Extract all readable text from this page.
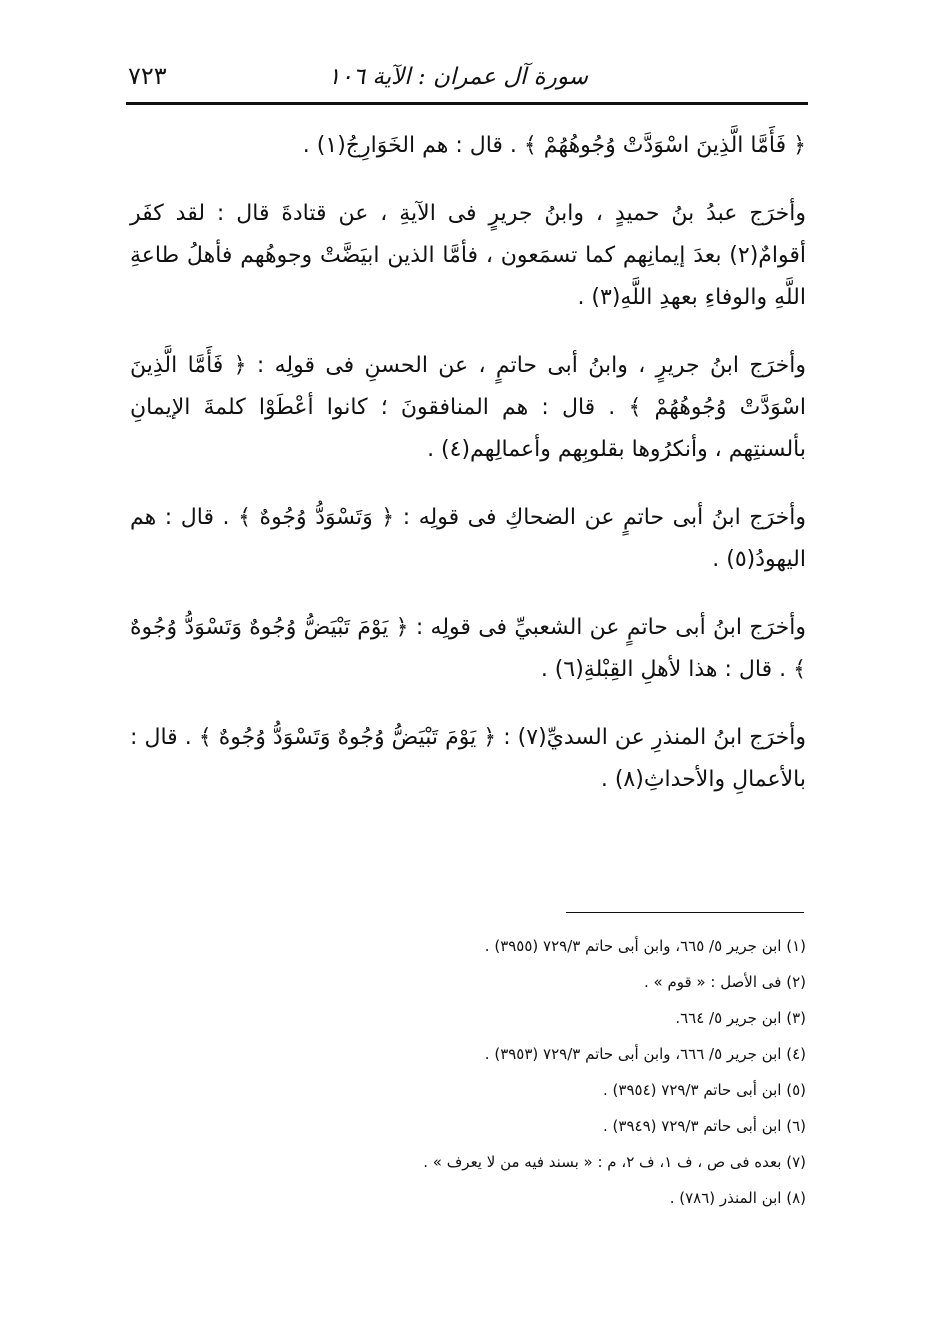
سورة آل عمران : الآية ١٠٦
٧٢٣

﴿ فَأَمَّا الَّذِينَ اسْوَدَّتْ وُجُوهُهُمْ ﴾ . قال : هم الخَوَارِجُ(١) .

وأخرَج عبدُ بنُ حميدٍ ، وابنُ جريرٍ فى الآيةِ ، عن قتادةَ قال : لقد كفَر أقوامٌ(٢) بعدَ إيمانِهم كما تسمَعون ، فأمَّا الذين ابيَضَّتْ وجوهُهم فأهلُ طاعةِ اللَّهِ والوفاءِ بعهدِ اللَّهِ(٣) .

وأخرَج ابنُ جريرٍ ، وابنُ أبى حاتمٍ ، عن الحسنِ فى قولِه : ﴿ فَأَمَّا الَّذِينَ اسْوَدَّتْ وُجُوهُهُمْ ﴾ . قال : هم المنافقونَ ؛ كانوا أعْطَوْا كلمةَ الإيمانِ بألسنتِهم ، وأنكرُوها بقلوبِهم وأعمالِهم(٤) .

وأخرَج ابنُ أبى حاتمٍ عن الضحاكِ فى قولِه : ﴿ وَتَسْوَدُّ وُجُوهٌ ﴾ . قال : هم اليهودُ(٥) .

وأخرَج ابنُ أبى حاتمٍ عن الشعبيِّ فى قولِه : ﴿ يَوْمَ تَبْيَضُّ وُجُوهٌ وَتَسْوَدُّ وُجُوهٌ ﴾ . قال : هذا لأهلِ القِبْلةِ(٦) .

وأخرَج ابنُ المنذرِ عن السديِّ(٧) : ﴿ يَوْمَ تَبْيَضُّ وُجُوهٌ وَتَسْوَدُّ وُجُوهٌ ﴾ . قال : بالأعمالِ والأحداثِ(٨) .

(١) ابن جرير ٥/ ٦٦٥، وابن أبى حاتم ٧٢٩/٣ (٣٩٥٥) .
(٢) فى الأصل : « قوم » .
(٣) ابن جرير ٥/ ٦٦٤.
(٤) ابن جرير ٥/ ٦٦٦، وابن أبى حاتم ٧٢٩/٣ (٣٩٥٣) .
(٥) ابن أبى حاتم ٧٢٩/٣ (٣٩٥٤) .
(٦) ابن أبى حاتم ٧٢٩/٣ (٣٩٤٩) .
(٧) بعده فى ص ، ف ١، ف ٢، م : « بسند فيه من لا يعرف » .
(٨) ابن المنذر (٧٨٦) .
